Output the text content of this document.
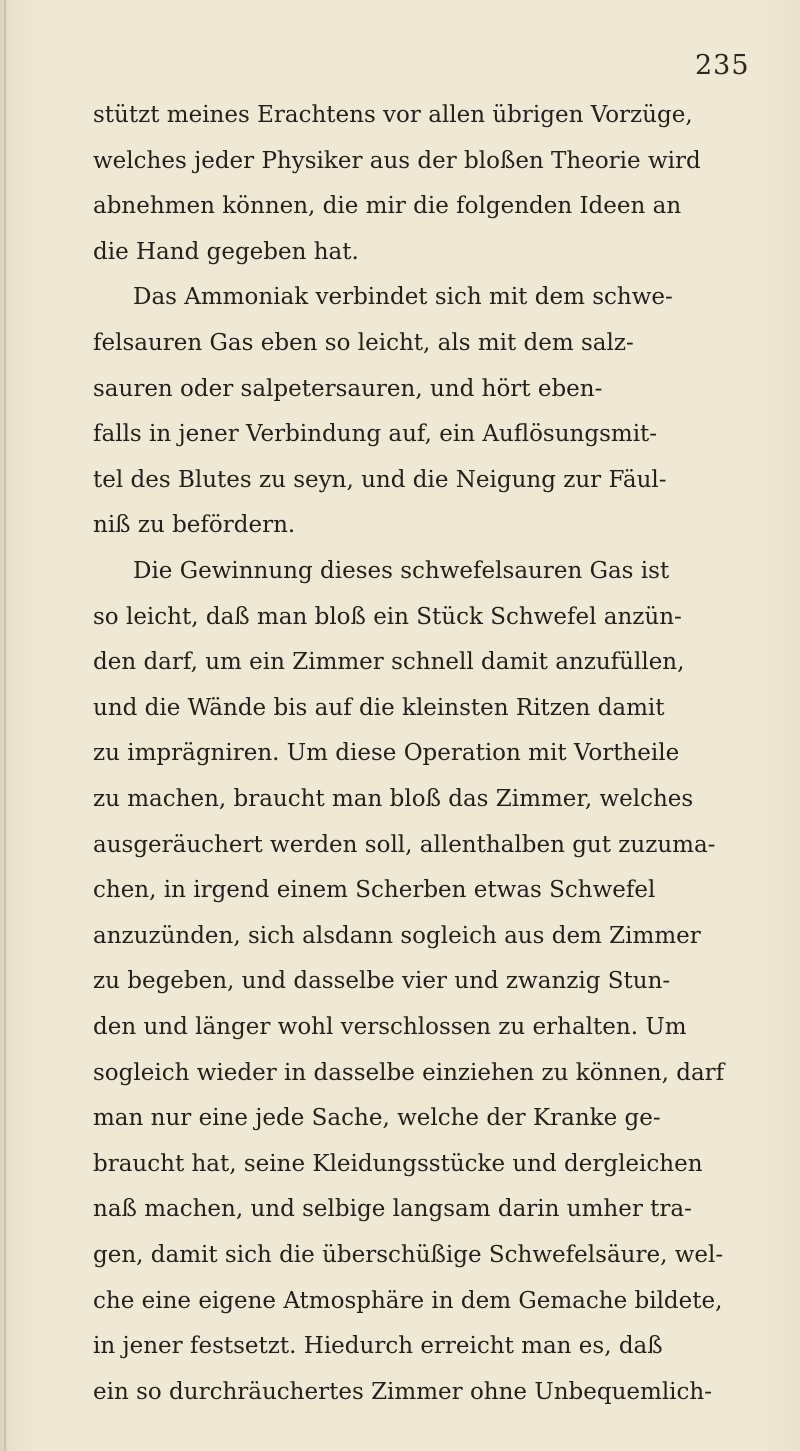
235
stützt meines Erachtens vor allen übrigen Vorzüge,
welches jeder Physiker aus der bloßen Theorie wird
abnehmen können, die mir die folgenden Ideen an
die Hand gegeben hat.
Das Ammoniak verbindet sich mit dem schwe-
felsauren Gas eben so leicht, als mit dem salz-
sauren oder salpetersauren, und hört eben-
falls in jener Verbindung auf, ein Auflösungsmit-
tel des Blutes zu seyn, und die Neigung zur Fäul-
niß zu befördern.
Die Gewinnung dieses schwefelsauren Gas ist
so leicht, daß man bloß ein Stück Schwefel anzün-
den darf, um ein Zimmer schnell damit anzufüllen,
und die Wände bis auf die kleinsten Ritzen damit
zu imprägniren. Um diese Operation mit Vortheile
zu machen, braucht man bloß das Zimmer, welches
ausgeräuchert werden soll, allenthalben gut zuzuma-
chen, in irgend einem Scherben etwas Schwefel
anzuzünden, sich alsdann sogleich aus dem Zimmer
zu begeben, und dasselbe vier und zwanzig Stun-
den und länger wohl verschlossen zu erhalten. Um
sogleich wieder in dasselbe einziehen zu können, darf
man nur eine jede Sache, welche der Kranke ge-
braucht hat, seine Kleidungsstücke und dergleichen
naß machen, und selbige langsam darin umher tra-
gen, damit sich die überschüßige Schwefelsäure, wel-
che eine eigene Atmosphäre in dem Gemache bildete,
in jener festsetzt. Hiedurch erreicht man es, daß
ein so durchräuchertes Zimmer ohne Unbequemlich-
